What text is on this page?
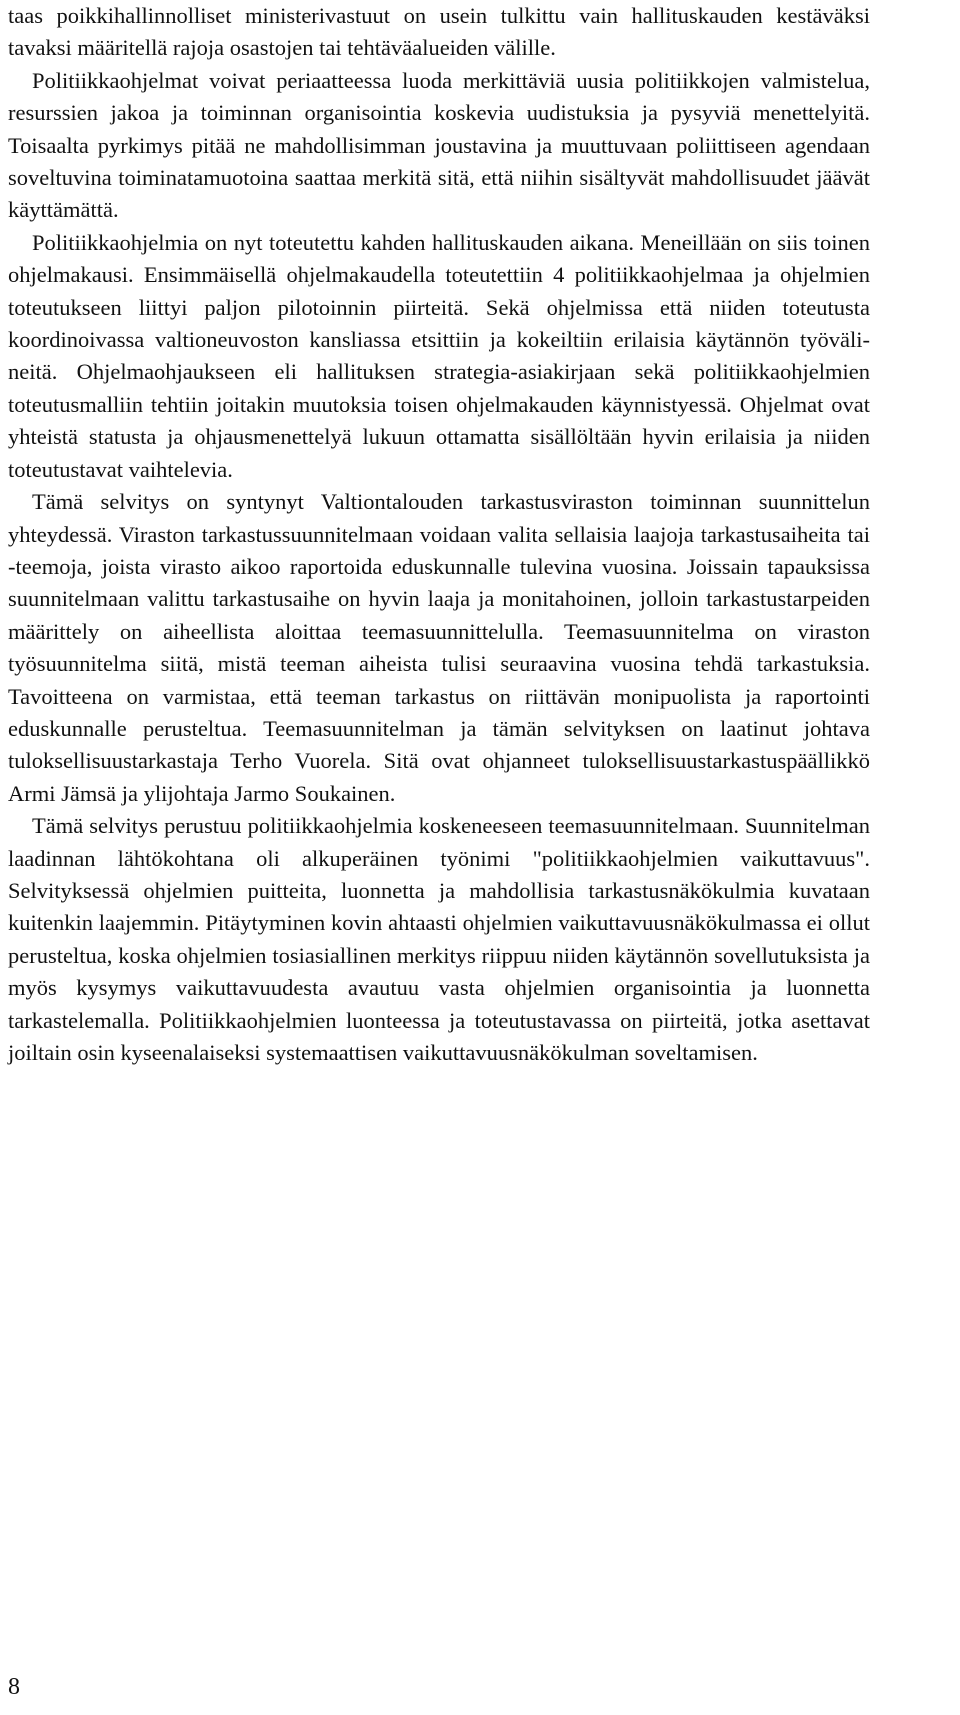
taas poikkihallinnolliset ministerivastuut on usein tulkittu vain hallituskauden kestäväksi tavaksi määritellä rajoja osastojen tai tehtäväalueiden välille.

Politiikkaohjelmat voivat periaatteessa luoda merkittäviä uusia politiikkojen valmistelua, resurssien jakoa ja toiminnan organisointia koskevia uudistuksia ja pysyviä menettelyitä. Toisaalta pyrkimys pitää ne mahdollisimman joustavina ja muuttuvaan poliittiseen agendaan soveltuvina toiminatamuotoina saattaa merkitä sitä, että niihin sisältyvät mahdollisuudet jäävät käyttämättä.

Politiikkaohjelmia on nyt toteutettu kahden hallituskauden aikana. Meneillään on siis toinen ohjelmakausi. Ensimmäisellä ohjelmakaudella toteutettiin 4 politiikkaohjelmaa ja ohjelmien toteutukseen liittyi paljon pilotoinnin piirteitä. Sekä ohjelmissa että niiden toteutusta koordinoivassa valtioneuvoston kansliassa etsittiin ja kokeiltiin erilaisia käytännön työvälineitä. Ohjelmaohjaukseen eli hallituksen strategia-asiakirjaan sekä politiikkaohjelmien toteutusmalliin tehtiin joitakin muutoksia toisen ohjelmakauden käynnistyessä. Ohjelmat ovat yhteistä statusta ja ohjausmenettelyä lukuun ottamatta sisällöltään hyvin erilaisia ja niiden toteutustavat vaihtelevia.

Tämä selvitys on syntynyt Valtiontalouden tarkastusviraston toiminnan suunnittelun yhteydessä. Viraston tarkastussuunnitelmaan voidaan valita sellaisia laajoja tarkastusaiheita tai -teemoja, joista virasto aikoo raportoida eduskunnalle tulevina vuosina. Joissain tapauksissa suunnitelmaan valittu tarkastusaihe on hyvin laaja ja monitahoinen, jolloin tarkastustarpeiden määrittely on aiheellista aloittaa teemasuunnittelulla. Teemasuunnitelma on viraston työsuunnitelma siitä, mistä teeman aiheista tulisi seuraavina vuosina tehdä tarkastuksia. Tavoitteena on varmistaa, että teeman tarkastus on riittävän monipuolista ja raportointi eduskunnalle perusteltua. Teemasuunnitelman ja tämän selvityksen on laatinut johtava tuloksellisuustarkastaja Terho Vuorela. Sitä ovat ohjanneet tuloksellisuustarkastuspäällikkö Armi Jämsä ja ylijohtaja Jarmo Soukainen.

Tämä selvitys perustuu politiikkaohjelmia koskeneeseen teemasuunnitelmaan. Suunnitelman laadinnan lähtökohtana oli alkuperäinen työnimi "politiikkaohjelmien vaikuttavuus". Selvityksessä ohjelmien puitteita, luonnetta ja mahdollisia tarkastusnäkökulmia kuvataan kuitenkin laajemmin. Pitäytyminen kovin ahtaasti ohjelmien vaikuttavuusnäkökulmassa ei ollut perusteltua, koska ohjelmien tosiasiallinen merkitys riippuu niiden käytännön sovellutuksista ja myös kysymys vaikuttavuudesta avautuu vasta ohjelmien organisointia ja luonnetta tarkastelemalla. Politiikkaohjelmien luonteessa ja toteutustavassa on piirteitä, jotka asettavat joiltain osin kyseenalaiseksi systemaattisen vaikuttavuusnäkökulman soveltamisen.

8
